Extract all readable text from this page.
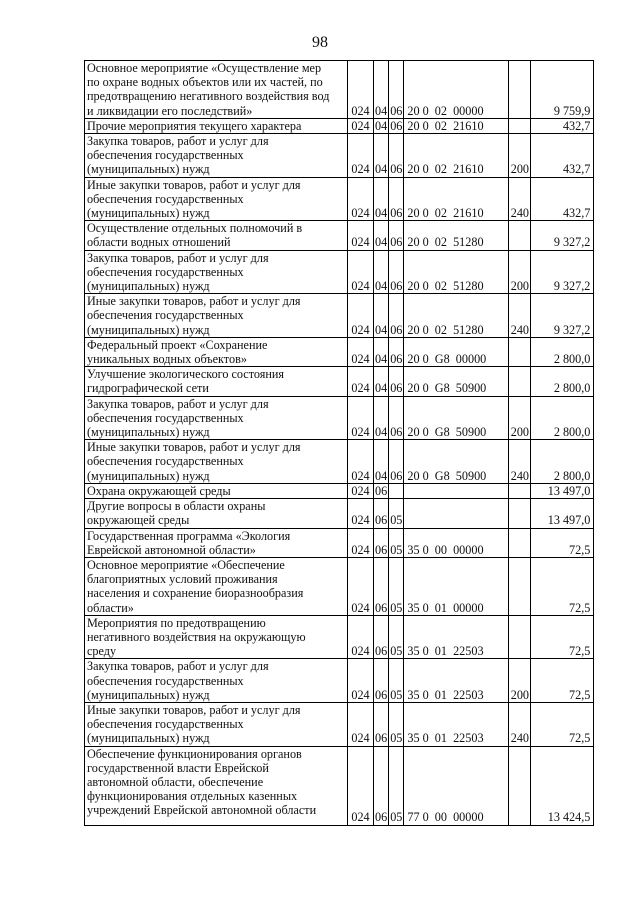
98
Основное мероприятие «Осуществление мер
по охране водных объектов или их частей, по
предотвращению негативного воздействия вод
и ликвидации его последствий»	024	04	06	20 0  02  00000		9 759,9

Прочие мероприятия текущего характера	024	04	06	20 0  02  21610		432,7

Закупка товаров, работ и услуг для
обеспечения государственных
(муниципальных) нужд	024	04	06	20 0  02  21610	200	432,7

Иные закупки товаров, работ и услуг для
обеспечения государственных
(муниципальных) нужд	024	04	06	20 0  02  21610	240	432,7

Осуществление отдельных полномочий в
области водных отношений	024	04	06	20 0  02  51280		9 327,2

Закупка товаров, работ и услуг для
обеспечения государственных
(муниципальных) нужд	024	04	06	20 0  02  51280	200	9 327,2

Иные закупки товаров, работ и услуг для
обеспечения государственных
(муниципальных) нужд	024	04	06	20 0  02  51280	240	9 327,2

Федеральный проект «Сохранение
уникальных водных объектов»	024	04	06	20 0  G8  00000		2 800,0

Улучшение экологического состояния
гидрографической сети	024	04	06	20 0  G8  50900		2 800,0

Закупка товаров, работ и услуг для
обеспечения государственных
(муниципальных) нужд	024	04	06	20 0  G8  50900	200	2 800,0

Иные закупки товаров, работ и услуг для
обеспечения государственных
(муниципальных) нужд	024	04	06	20 0  G8  50900	240	2 800,0

Охрана окружающей среды	024	06				13 497,0

Другие вопросы в области охраны
окружающей среды	024	06	05			13 497,0

Государственная программа «Экология
Еврейской автономной области»	024	06	05	35 0  00  00000		72,5

Основное мероприятие «Обеспечение
благоприятных условий проживания
населения и сохранение биоразнообразия
области»	024	06	05	35 0  01  00000		72,5

Мероприятия по предотвращению
негативного воздействия на окружающую
среду	024	06	05	35 0  01  22503		72,5

Закупка товаров, работ и услуг для
обеспечения государственных
(муниципальных) нужд	024	06	05	35 0  01  22503	200	72,5

Иные закупки товаров, работ и услуг для
обеспечения государственных
(муниципальных) нужд	024	06	05	35 0  01  22503	240	72,5

Обеспечение функционирования органов
государственной власти Еврейской
автономной области, обеспечение
функционирования отдельных казенных
учреждений Еврейской автономной области	024	06	05	77 0  00  00000		13 424,5
